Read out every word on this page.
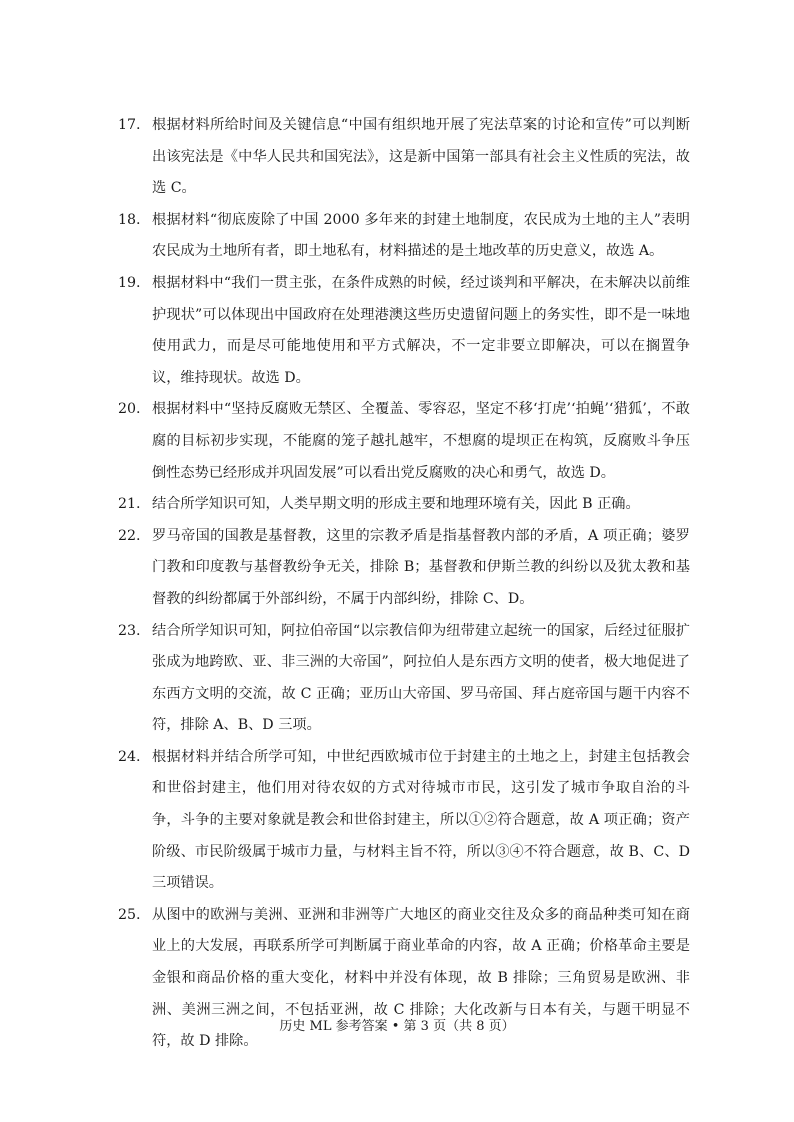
17. 根据材料所给时间及关键信息“中国有组织地开展了宪法草案的讨论和宣传”可以判断出该宪法是《中华人民共和国宪法》，这是新中国第一部具有社会主义性质的宪法，故选 C。
18. 根据材料“彻底废除了中国 2000 多年来的封建土地制度，农民成为土地的主人”表明农民成为土地所有者，即土地私有，材料描述的是土地改革的历史意义，故选 A。
19. 根据材料中“我们一贯主张，在条件成熟的时候，经过谈判和平解决，在未解决以前维护现状”可以体现出中国政府在处理港澳这些历史遗留问题上的务实性，即不是一味地使用武力，而是尽可能地使用和平方式解决，不一定非要立即解决，可以在搁置争议，维持现状。故选 D。
20. 根据材料中“坚持反腐败无禁区、全覆盖、零容忍，坚定不移‘打虎’‘拍蝇’‘猎狐’，不敢腐的目标初步实现，不能腐的笼子越扎越牢，不想腐的堤坝正在构筑，反腐败斗争压倒性态势已经形成并巩固发展”可以看出党反腐败的决心和勇气，故选 D。
21. 结合所学知识可知，人类早期文明的形成主要和地理环境有关，因此 B 正确。
22. 罗马帝国的国教是基督教，这里的宗教矛盾是指基督教内部的矛盾，A 项正确；婆罗门教和印度教与基督教纷争无关，排除 B；基督教和伊斯兰教的纠纷以及犹太教和基督教的纠纷都属于外部纠纷，不属于内部纠纷，排除 C、D。
23. 结合所学知识可知，阿拉伯帝国“以宗教信仰为纽带建立起统一的国家，后经过征服扩张成为地跨欧、亚、非三洲的大帝国”，阿拉伯人是东西方文明的使者，极大地促进了东西方文明的交流，故 C 正确；亚历山大帝国、罗马帝国、拜占庭帝国与题干内容不符，排除 A、B、D 三项。
24. 根据材料并结合所学可知，中世纪西欧城市位于封建主的土地之上，封建主包括教会和世俗封建主，他们用对待农奴的方式对待城市市民，这引发了城市争取自治的斗争，斗争的主要对象就是教会和世俗封建主，所以①②符合题意，故 A 项正确；资产阶级、市民阶级属于城市力量，与材料主旨不符，所以③④不符合题意，故 B、C、D 三项错误。
25. 从图中的欧洲与美洲、亚洲和非洲等广大地区的商业交往及众多的商品种类可知在商业上的大发展，再联系所学可判断属于商业革命的内容，故 A 正确；价格革命主要是金银和商品价格的重大变化，材料中并没有体现，故 B 排除；三角贸易是欧洲、非洲、美洲三洲之间，不包括亚洲，故 C 排除；大化改新与日本有关，与题干明显不符，故 D 排除。
历史 ML 参考答案 • 第 3 页（共 8 页）
